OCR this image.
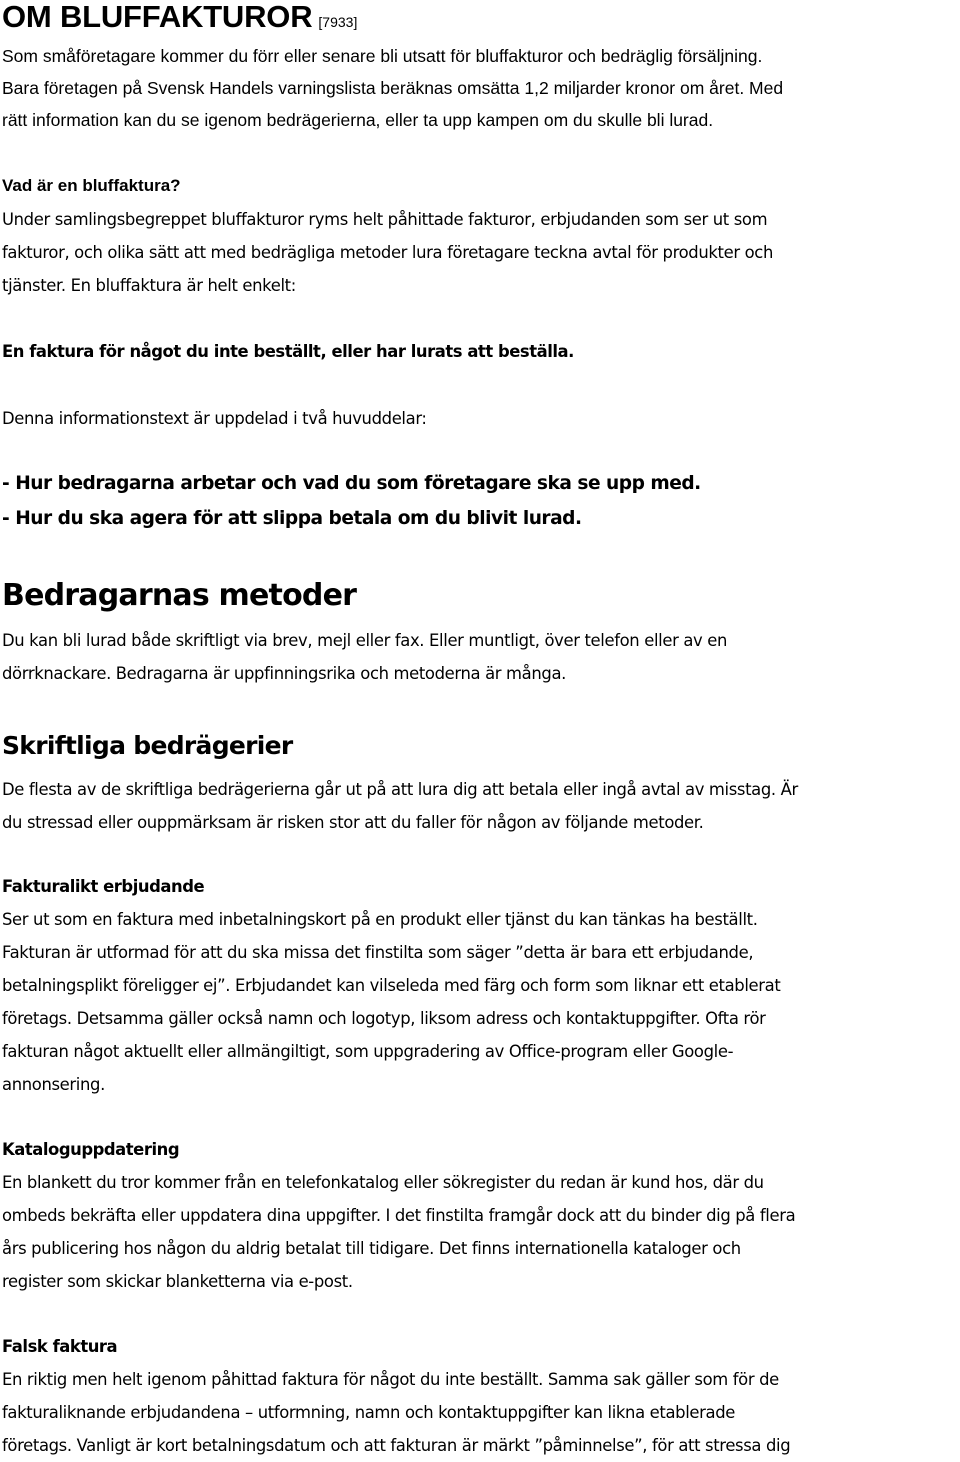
OM BLUFFAKTUROR [7933]
Som småföretagare kommer du förr eller senare bli utsatt för bluffakturor och bedräglig försäljning.
Bara företagen på Svensk Handels varningslista beräknas omsätta 1,2 miljarder kronor om året. Med
rätt information kan du se igenom bedrägerierna, eller ta upp kampen om du skulle bli lurad.
Vad är en bluffaktura?
Under samlingsbegreppet bluffakturor ryms helt påhittade fakturor, erbjudanden som ser ut som
fakturor, och olika sätt att med bedrägliga metoder lura företagare teckna avtal för produkter och
tjänster. En bluffaktura är helt enkelt:
En faktura för något du inte beställt, eller har lurats att beställa.
Denna informationstext är uppdelad i två huvuddelar:
- Hur bedragarna arbetar och vad du som företagare ska se upp med.
- Hur du ska agera för att slippa betala om du blivit lurad.
Bedragarnas metoder
Du kan bli lurad både skriftligt via brev, mejl eller fax. Eller muntligt, över telefon eller av en
dörrknackare. Bedragarna är uppfinningsrika och metoderna är många.
Skriftliga bedrägerier
De flesta av de skriftliga bedrägerierna går ut på att lura dig att betala eller ingå avtal av misstag. Är
du stressad eller ouppmärksam är risken stor att du faller för någon av följande metoder.
Fakturalikt erbjudande
Ser ut som en faktura med inbetalningskort på en produkt eller tjänst du kan tänkas ha beställt.
Fakturan är utformad för att du ska missa det finstilta som säger ”detta är bara ett erbjudande,
betalningsplikt föreligger ej”. Erbjudandet kan vilseleda med färg och form som liknar ett etablerat
företags. Detsamma gäller också namn och logotyp, liksom adress och kontaktuppgifter. Ofta rör
fakturan något aktuellt eller allmängiltigt, som uppgradering av Office-program eller Google-
annonsering.
Kataloguppdatering
En blankett du tror kommer från en telefonkatalog eller sökregister du redan är kund hos, där du
ombeds bekräfta eller uppdatera dina uppgifter. I det finstilta framgår dock att du binder dig på flera
års publicering hos någon du aldrig betalat till tidigare. Det finns internationella kataloger och
register som skickar blanketterna via e-post.
Falsk faktura
En riktig men helt igenom påhittad faktura för något du inte beställt. Samma sak gäller som för de
fakturaliknande erbjudandena – utformning, namn och kontaktuppgifter kan likna etablerade
företags. Vanligt är kort betalningsdatum och att fakturan är märkt ”påminnelse”, för att stressa dig
